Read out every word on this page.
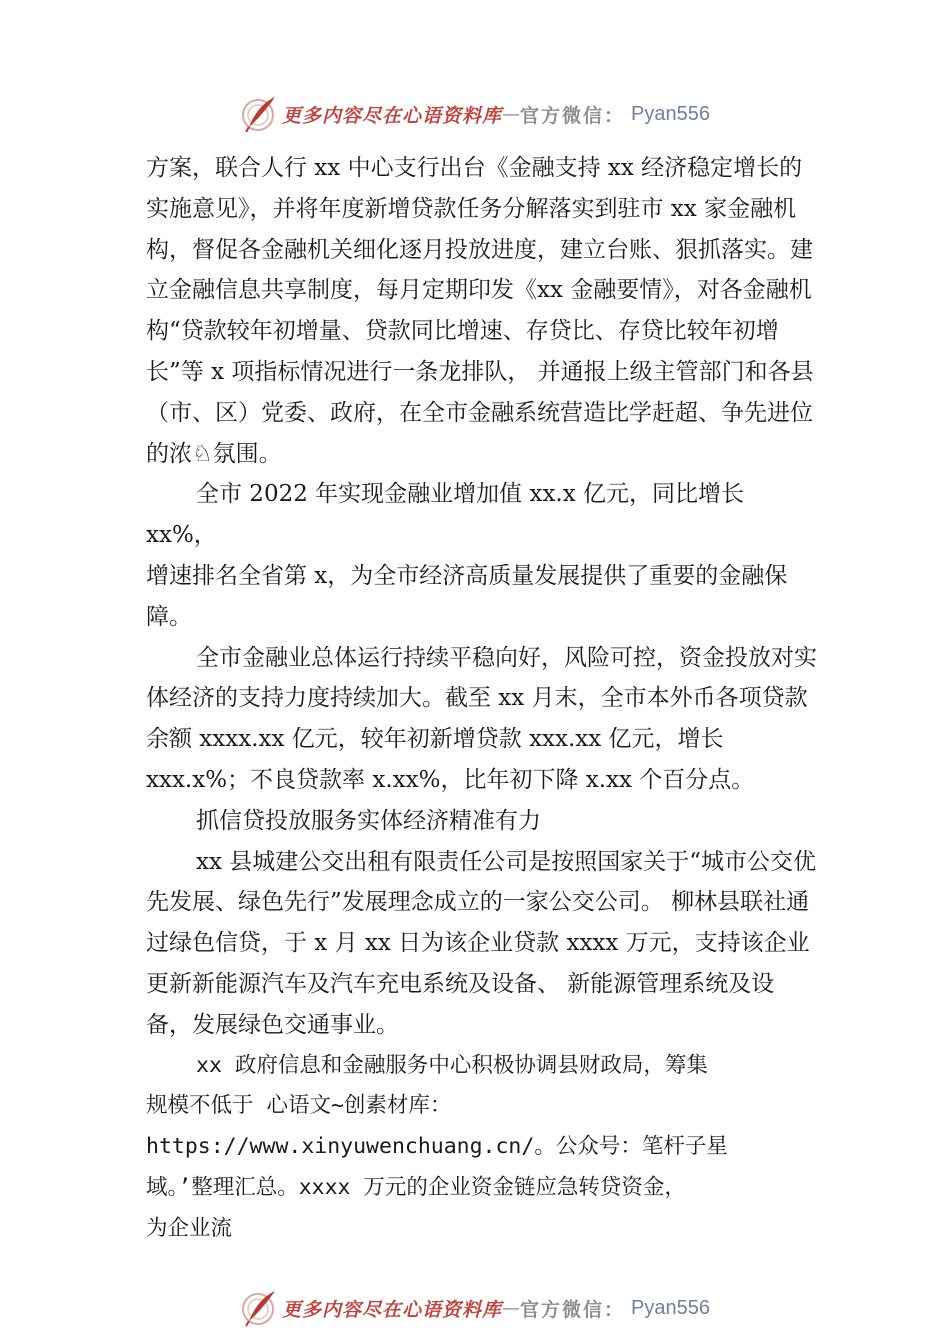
更多内容尽在心语资料库 — 官方微信： Pyan556

方案，联合人行 xx 中心支行出台《金融支持 xx 经济稳定增长的实施意见》，并将年度新增贷款任务分解落实到驻市 xx 家金融机构，督促各金融机关细化逐月投放进度，建立台账、狠抓落实。建立金融信息共享制度，每月定期印发《xx 金融要情》，对各金融机构“贷款较年初增量、贷款同比增速、存贷比、存贷比较年初增长”等 x 项指标情况进行一条龙排队， 并通报上级主管部门和各县（市、区）党委、政府，在全市金融系统营造比学赶超、争先进位的浓♘氛围。

全市 2022 年实现金融业增加值 xx.x 亿元，同比增长 xx%，

增速排名全省第 x，为全市经济高质量发展提供了重要的金融保障。

全市金融业总体运行持续平稳向好，风险可控，资金投放对实体经济的支持力度持续加大。截至 xx 月末，全市本外币各项贷款余额 xxxx.xx 亿元，较年初新增贷款 xxx.xx 亿元，增长 xxx.x%；不良贷款率 x.xx%，比年初下降 x.xx 个百分点。

抓信贷投放服务实体经济精准有力

xx 县城建公交出租有限责任公司是按照国家关于“城市公交优先发展、绿色先行”发展理念成立的一家公交公司。 柳林县联社通过绿色信贷，于 x 月 xx 日为该企业贷款 xxxx 万元，支持该企业更新新能源汽车及汽车充电系统及设备、 新能源管理系统及设备，发展绿色交通事业。

xx 政府信息和金融服务中心积极协调县财政局，筹集

规模不低于 心语文~创素材库：

https://www.xinyuwenchuang.cn/。公众号：笔杆子星

域。’整理汇总。xxxx 万元的企业资金链应急转贷资金，

为企业流

更多内容尽在心语资料库 — 官方微信： Pyan556
